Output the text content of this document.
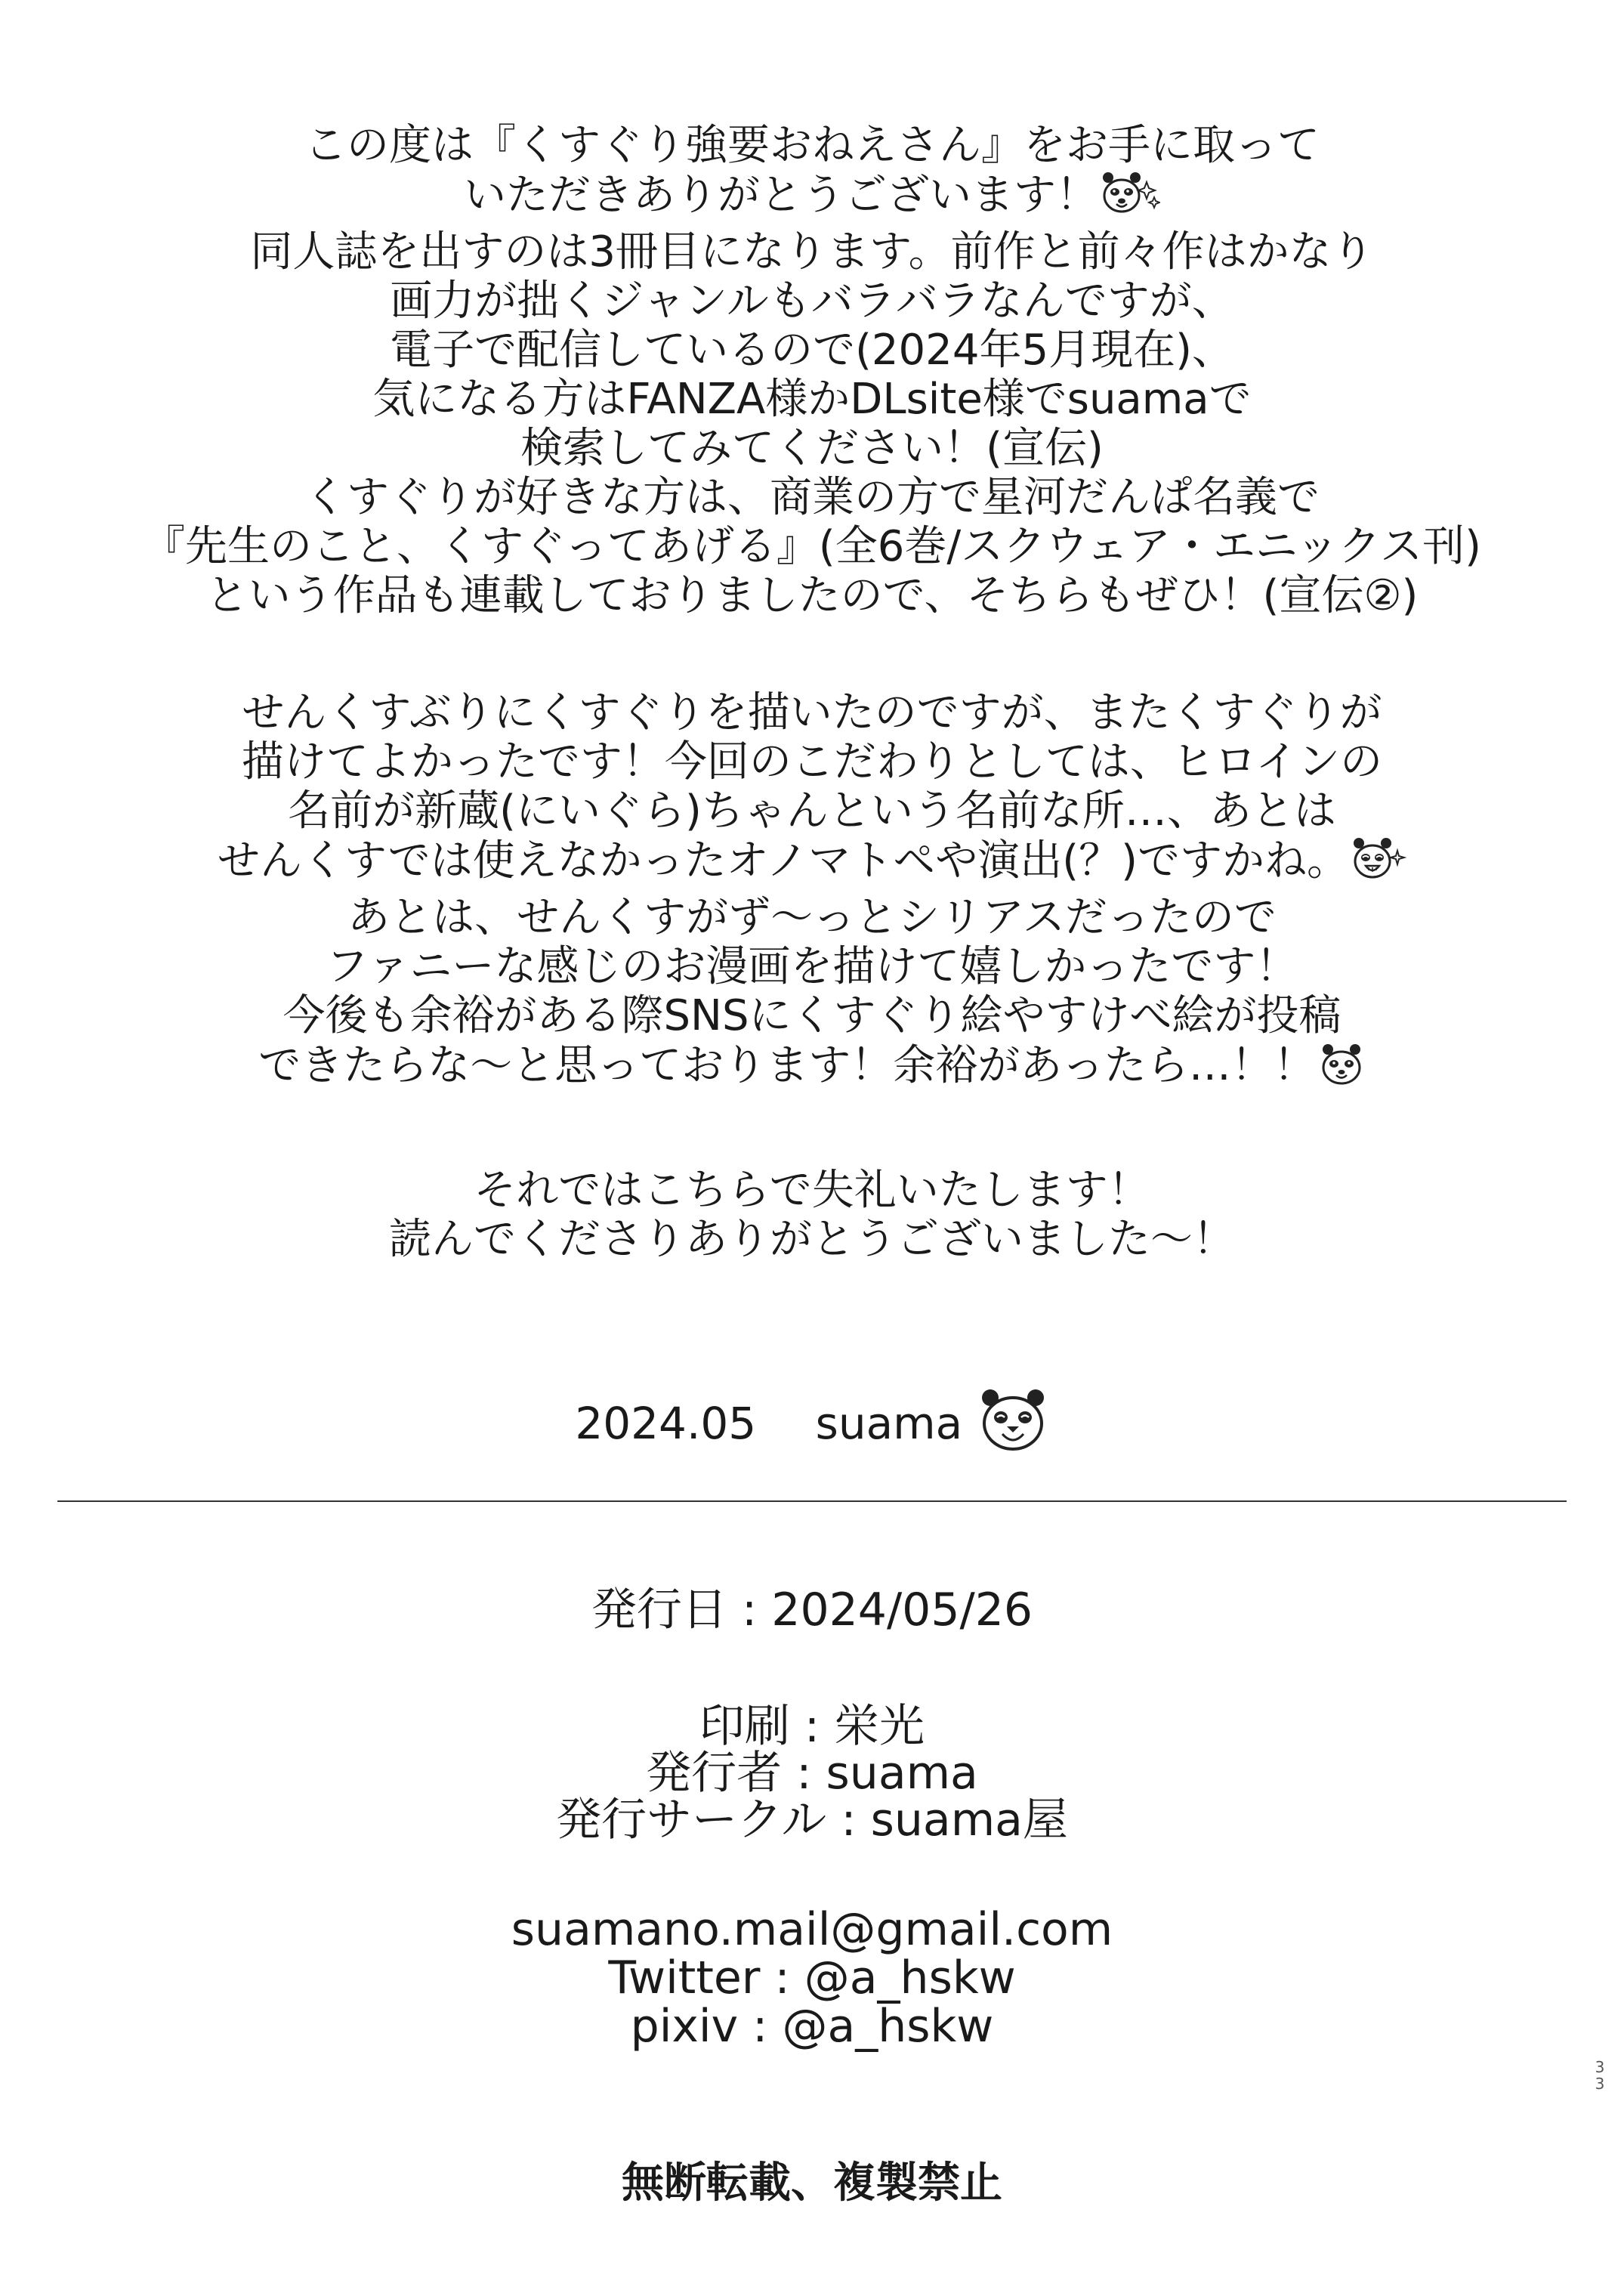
この度は『くすぐり強要おねえさん』をお手に取って
いただきありがとうございます！
同人誌を出すのは3冊目になります。前作と前々作はかなり
画力が拙くジャンルもバラバラなんですが、
電子で配信しているので(2024年5月現在)、
気になる方はFANZA様かDLsite様でsuamaで
検索してみてください！(宣伝)
くすぐりが好きな方は、商業の方で星河だんぱ名義で
『先生のこと、くすぐってあげる』(全6巻/スクウェア・エニックス刊)
という作品も連載しておりましたので、そちらもぜひ！(宣伝②)

せんくすぶりにくすぐりを描いたのですが、またくすぐりが
描けてよかったです！今回のこだわりとしては、ヒロインの
名前が新蔵(にいぐら)ちゃんという名前な所…、あとは
せんくすでは使えなかったオノマトペや演出(？)ですかね。
あとは、せんくすがず〜っとシリアスだったので
ファニーな感じのお漫画を描けて嬉しかったです！
今後も余裕がある際SNSにくすぐり絵やすけべ絵が投稿
できたらな〜と思っております！余裕があったら…！！

それではこちらで失礼いたします！
読んでくださりありがとうございました〜！

2024.05 suama
発行日 : 2024/05/26
印刷 : 栄光
発行者 : suama
発行サークル : suama屋
suamano.mail@gmail.com
Twitter : @a_hskw
pixiv : @a_hskw
無断転載、複製禁止
3
3
